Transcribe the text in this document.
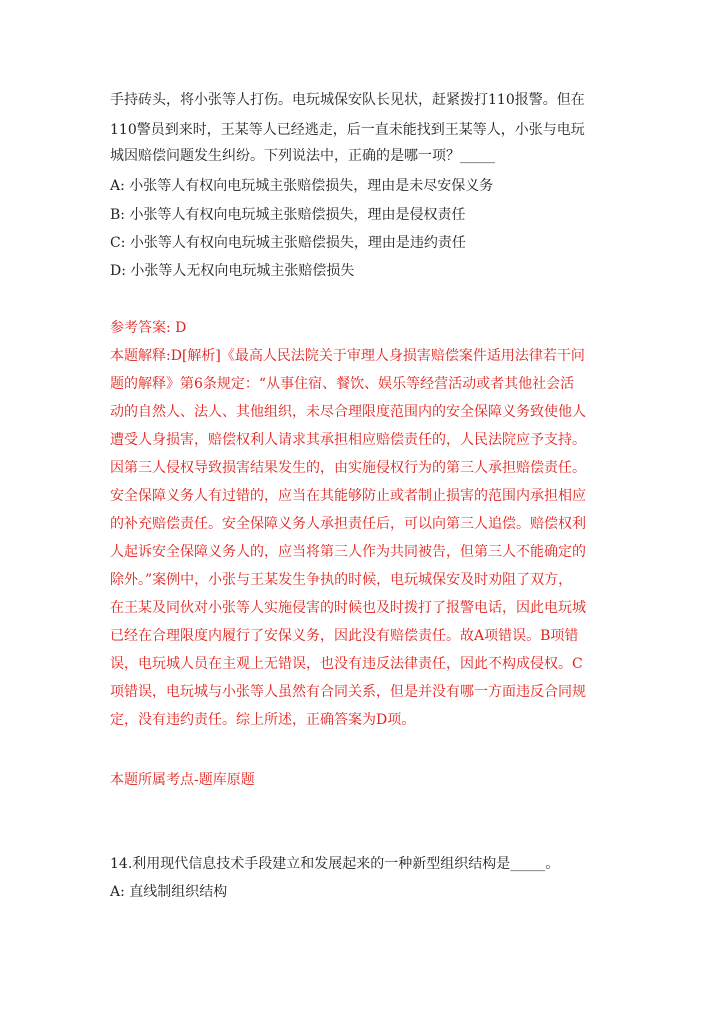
手持砖头，将小张等人打伤。电玩城保安队长见状，赶紧拨打110报警。但在
110警员到来时，王某等人已经逃走，后一直未能找到王某等人，小张与电玩
城因赔偿问题发生纠纷。下列说法中，正确的是哪一项？_____
A: 小张等人有权向电玩城主张赔偿损失，理由是未尽安保义务
B: 小张等人有权向电玩城主张赔偿损失，理由是侵权责任
C: 小张等人有权向电玩城主张赔偿损失，理由是违约责任
D: 小张等人无权向电玩城主张赔偿损失
参考答案: D
本题解释:D[解析]《最高人民法院关于审理人身损害赔偿案件适用法律若干问
题的解释》第6条规定：“从事住宿、餐饮、娱乐等经营活动或者其他社会活
动的自然人、法人、其他组织，未尽合理限度范围内的安全保障义务致使他人
遭受人身损害，赔偿权利人请求其承担相应赔偿责任的，人民法院应予支持。
因第三人侵权导致损害结果发生的，由实施侵权行为的第三人承担赔偿责任。
安全保障义务人有过错的，应当在其能够防止或者制止损害的范围内承担相应
的补充赔偿责任。安全保障义务人承担责任后，可以向第三人追偿。赔偿权利
人起诉安全保障义务人的，应当将第三人作为共同被告，但第三人不能确定的
除外。”案例中，小张与王某发生争执的时候，电玩城保安及时劝阻了双方，
在王某及同伙对小张等人实施侵害的时候也及时拨打了报警电话，因此电玩城
已经在合理限度内履行了安保义务，因此没有赔偿责任。故A项错误。B项错
误，电玩城人员在主观上无错误，也没有违反法律责任，因此不构成侵权。C
项错误，电玩城与小张等人虽然有合同关系，但是并没有哪一方面违反合同规
定，没有违约责任。综上所述，正确答案为D项。
本题所属考点-题库原题
14.利用现代信息技术手段建立和发展起来的一种新型组织结构是_____。
A: 直线制组织结构
